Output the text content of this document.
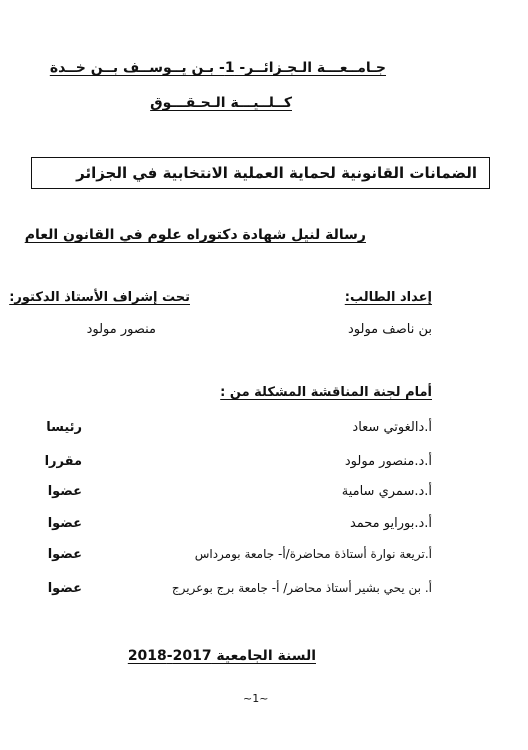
جـامــعـــة الـجـزائــر- 1- بـن يــوســف بــن خــدة
كــلــيـــة الـحـقـــوق
الضمانات القانونية لحماية العملية الانتخابية في الجزائر
رسالة لنيل شهادة دكتوراه علوم في القانون العام
إعداد الطالب:
تحت إشراف الأستاذ الدكتور:
بن ناصف مولود
منصور مولود
أمام لجنة المناقشة المشكلة من :
أ.دالغوتي سعاد
رئيسا
أ.د.منصور مولود
مقررا
أ.د.سمري سامية
عضوا
أ.د.بورايو محمد
عضوا
أ.تريعة نوارة أستاذة محاضرة/أ- جامعة بومرداس
عضوا
أ. بن يحي بشير أستاذ محاضر/ أ- جامعة برج بوعريرج
عضوا
السنة الجامعية 2017-2018
~1~
